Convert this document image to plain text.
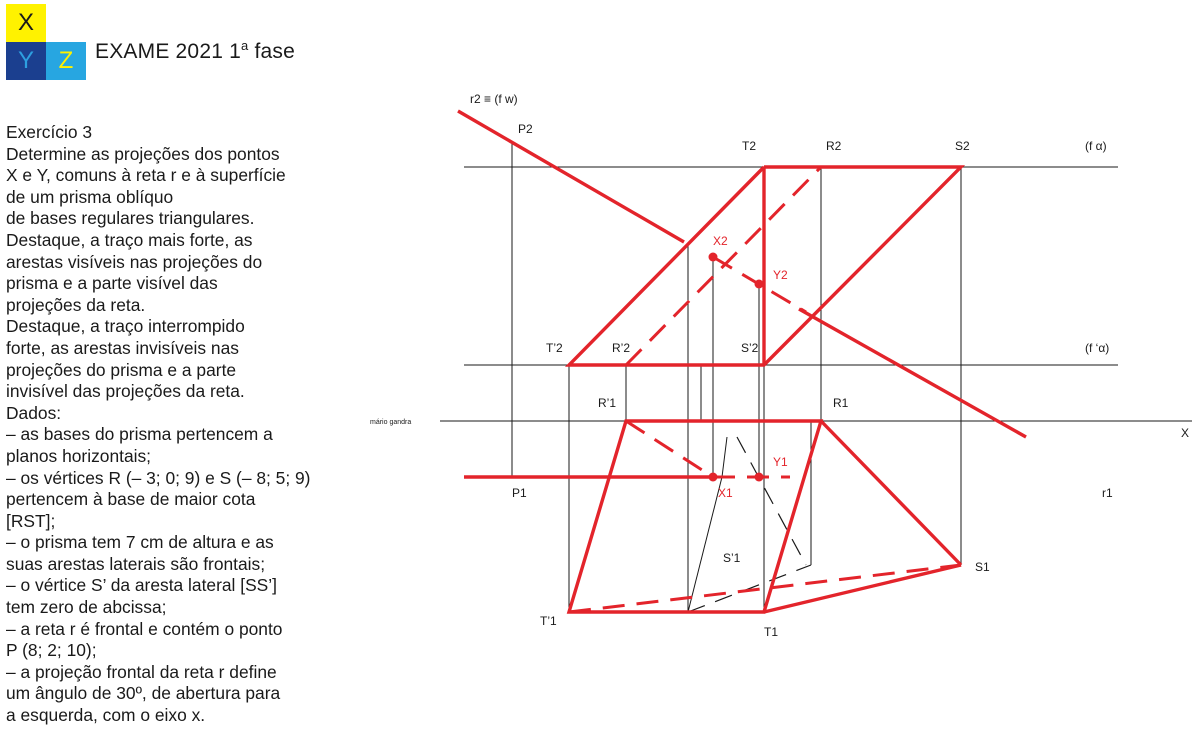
X
Y	Z	EXAME 2021 1$^a$ fase
Exercício 3
Determine as projeções dos pontos
X e Y, comuns à reta r e à superfície
de um prisma oblíquo
de bases regulares triangulares.
Destaque, a traço mais forte, as
arestas visíveis nas projeções do
prisma e a parte visível das
projeções da reta.
Destaque, a traço interrompido
forte, as arestas invisíveis nas
projeções do prisma e a parte
invisível das projeções da reta.
Dados:
– as bases do prisma pertencem a
planos horizontais;
– os vértices R (– 3; 0; 9) e S (– 8; 5; 9)
pertencem à base de maior cota
[RST];
– o prisma tem 7 cm de altura e as
suas arestas laterais são frontais;
– o vértice S’ da aresta lateral [SS’]
tem zero de abcissa;
– a reta r é frontal e contém o ponto
P (8; 2; 10);
– a projeção frontal da reta r define
um ângulo de 30º, de abertura para
a esquerda, com o eixo x.
r2 ≡ (f w)
P2
T2	R2	S2	(f α)
T’2	R’2	S’2	(f ‘α)
R’1	R1
X
P1	r1
S’1
S1
T’1
T1
X2
Y2
Y1
X1
mário gandra
